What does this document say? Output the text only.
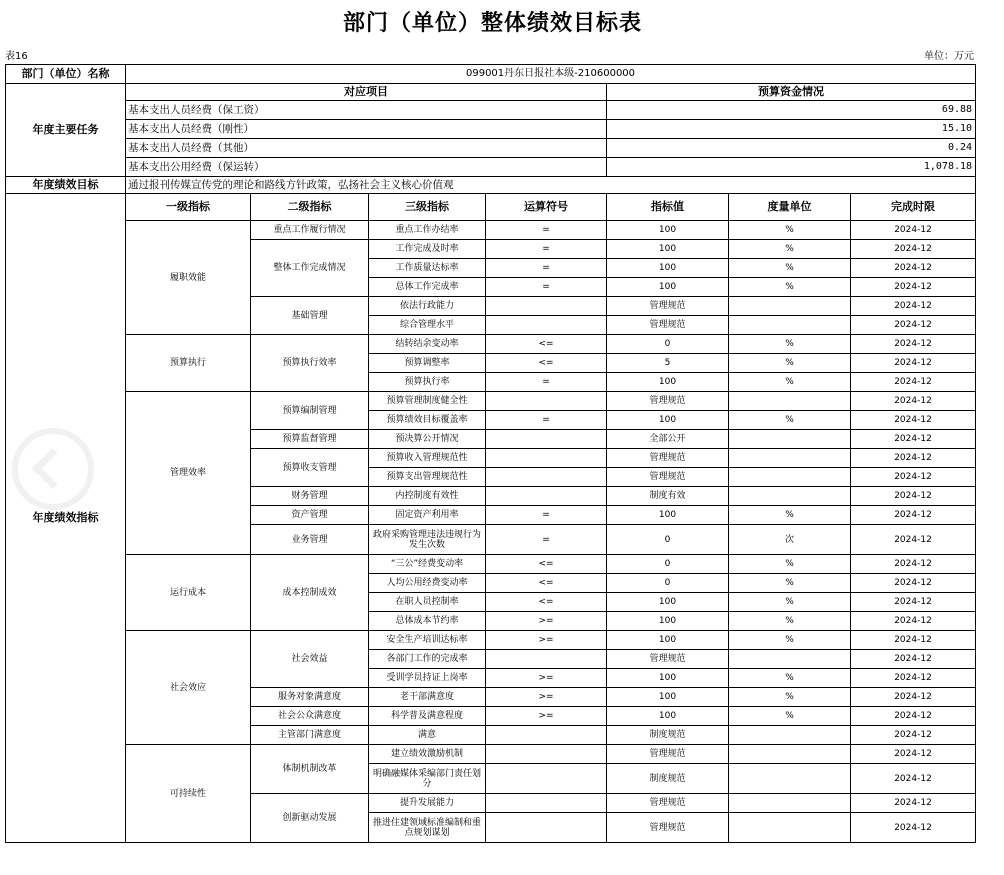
部门（单位）整体绩效目标表
表16	单位：万元
部门（单位）名称	099001丹东日报社本级-210600000						
年度主要任务	对应项目				预算资金情况		
	基本支出人员经费（保工资）				69.88		
	基本支出人员经费（刚性）				15.10		
	基本支出人员经费（其他）				0.24		
	基本支出公用经费（保运转）				1,078.18		
年度绩效目标	通过报刊传媒宣传党的理论和路线方针政策，弘扬社会主义核心价值观						
年度绩效指标	一级指标	二级指标	三级指标	运算符号	指标值	度量单位	完成时限
	履职效能	重点工作履行情况	重点工作办结率	=	100	%	2024-12
		整体工作完成情况	工作完成及时率	=	100	%	2024-12
			工作质量达标率	=	100	%	2024-12
			总体工作完成率	=	100	%	2024-12
		基础管理	依法行政能力		管理规范		2024-12
			综合管理水平		管理规范		2024-12
	预算执行	预算执行效率	结转结余变动率	<=	0	%	2024-12
			预算调整率	<=	5	%	2024-12
			预算执行率	=	100	%	2024-12
	管理效率	预算编制管理	预算管理制度健全性		管理规范		2024-12
			预算绩效目标覆盖率	=	100	%	2024-12
		预算监督管理	预决算公开情况		全部公开		2024-12
		预算收支管理	预算收入管理规范性		管理规范		2024-12
			预算支出管理规范性		管理规范		2024-12
		财务管理	内控制度有效性		制度有效		2024-12
		资产管理	固定资产利用率	=	100	%	2024-12
		业务管理	政府采购管理违法违规行为发生次数	=	0	次	2024-12
	运行成本	成本控制成效	“三公”经费变动率	<=	0	%	2024-12
			人均公用经费变动率	<=	0	%	2024-12
			在职人员控制率	<=	100	%	2024-12
			总体成本节约率	>=	100	%	2024-12
	社会效应	社会效益	安全生产培训达标率	>=	100	%	2024-12
			各部门工作的完成率		管理规范		2024-12
			受训学员持证上岗率	>=	100	%	2024-12
		服务对象满意度	老干部满意度	>=	100	%	2024-12
		社会公众满意度	科学普及满意程度	>=	100	%	2024-12
		主管部门满意度	满意		制度规范		2024-12
	可持续性	体制机制改革	建立绩效激励机制		管理规范		2024-12
			明确融媒体采编部门责任划分		制度规范		2024-12
		创新驱动发展	提升发展能力		管理规范		2024-12
			推进住建领域标准编制和重点规划谋划		管理规范		2024-12
